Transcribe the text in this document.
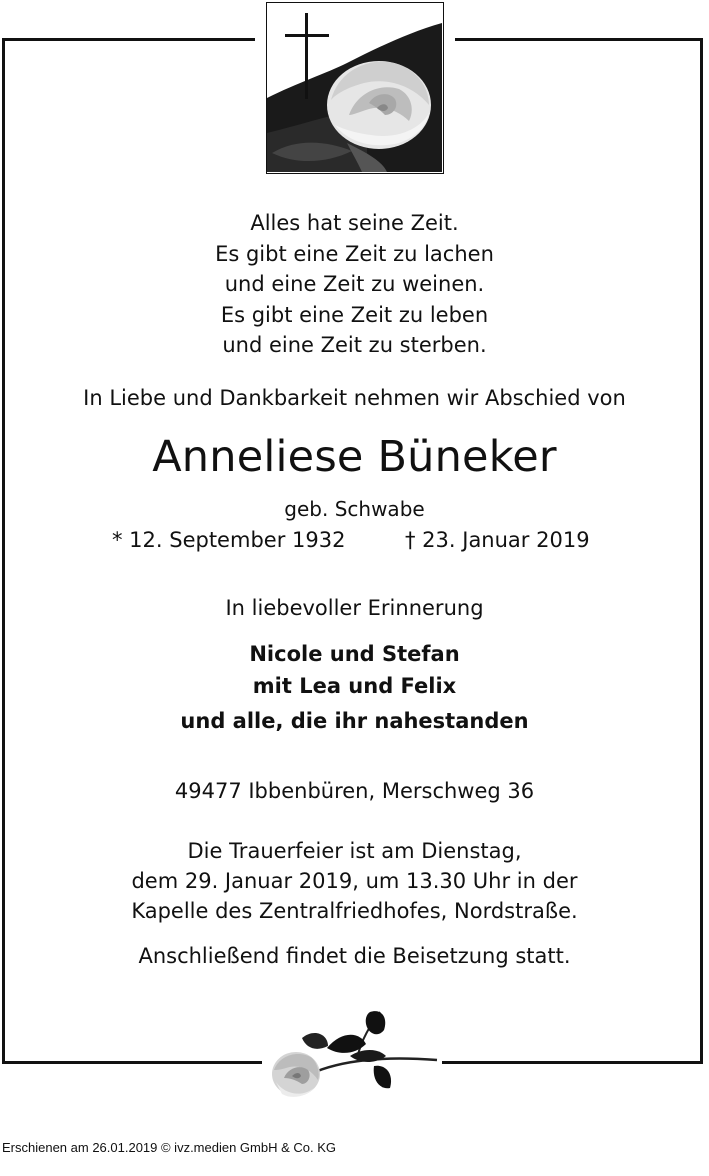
Alles hat seine Zeit.
Es gibt eine Zeit zu lachen
und eine Zeit zu weinen.
Es gibt eine Zeit zu leben
und eine Zeit zu sterben.
In Liebe und Dankbarkeit nehmen wir Abschied von
Anneliese Büneker
geb. Schwabe
* 12. September 1932	† 23. Januar 2019
In liebevoller Erinnerung
Nicole und Stefan
mit Lea und Felix
und alle, die ihr nahestanden
49477 Ibbenbüren, Merschweg 36
Die Trauerfeier ist am Dienstag,
dem 29. Januar 2019, um 13.30 Uhr in der
Kapelle des Zentralfriedhofes, Nordstraße.
Anschließend findet die Beisetzung statt.
Erschienen am 26.01.2019 © ivz.medien GmbH & Co. KG
